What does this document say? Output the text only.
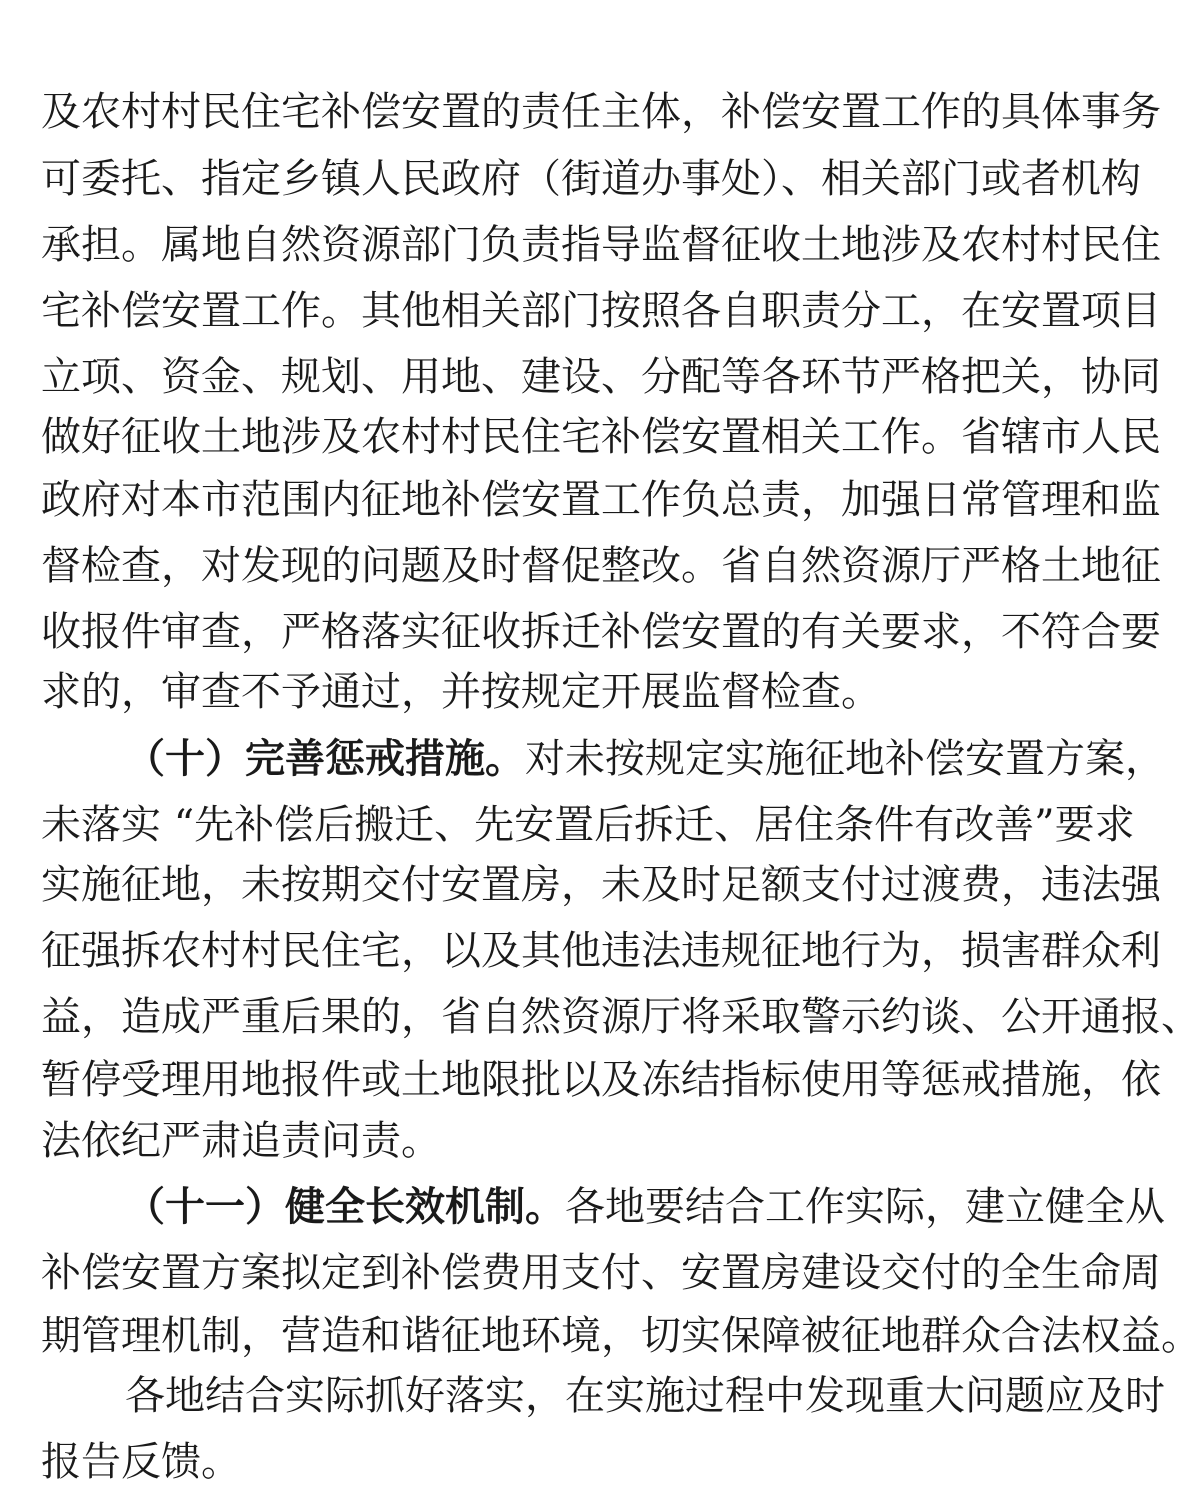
及农村村民住宅补偿安置的责任主体，补偿安置工作的具体事务
可委托、指定乡镇人民政府（街道办事处）、相关部门或者机构
承担。属地自然资源部门负责指导监督征收土地涉及农村村民住
宅补偿安置工作。其他相关部门按照各自职责分工，在安置项目
立项、资金、规划、用地、建设、分配等各环节严格把关，协同
做好征收土地涉及农村村民住宅补偿安置相关工作。省辖市人民
政府对本市范围内征地补偿安置工作负总责，加强日常管理和监
督检查，对发现的问题及时督促整改。省自然资源厅严格土地征
收报件审查，严格落实征收拆迁补偿安置的有关要求，不符合要
求的，审查不予通过，并按规定开展监督检查。
（十）完善惩戒措施。对未按规定实施征地补偿安置方案，
未落实 “先补偿后搬迁、先安置后拆迁、居住条件有改善”要求
实施征地，未按期交付安置房，未及时足额支付过渡费，违法强
征强拆农村村民住宅，以及其他违法违规征地行为，损害群众利
益，造成严重后果的，省自然资源厅将采取警示约谈、公开通报、
暂停受理用地报件或土地限批以及冻结指标使用等惩戒措施，依
法依纪严肃追责问责。
（十一）健全长效机制。各地要结合工作实际，建立健全从
补偿安置方案拟定到补偿费用支付、安置房建设交付的全生命周
期管理机制，营造和谐征地环境，切实保障被征地群众合法权益。
各地结合实际抓好落实，在实施过程中发现重大问题应及时
报告反馈。
